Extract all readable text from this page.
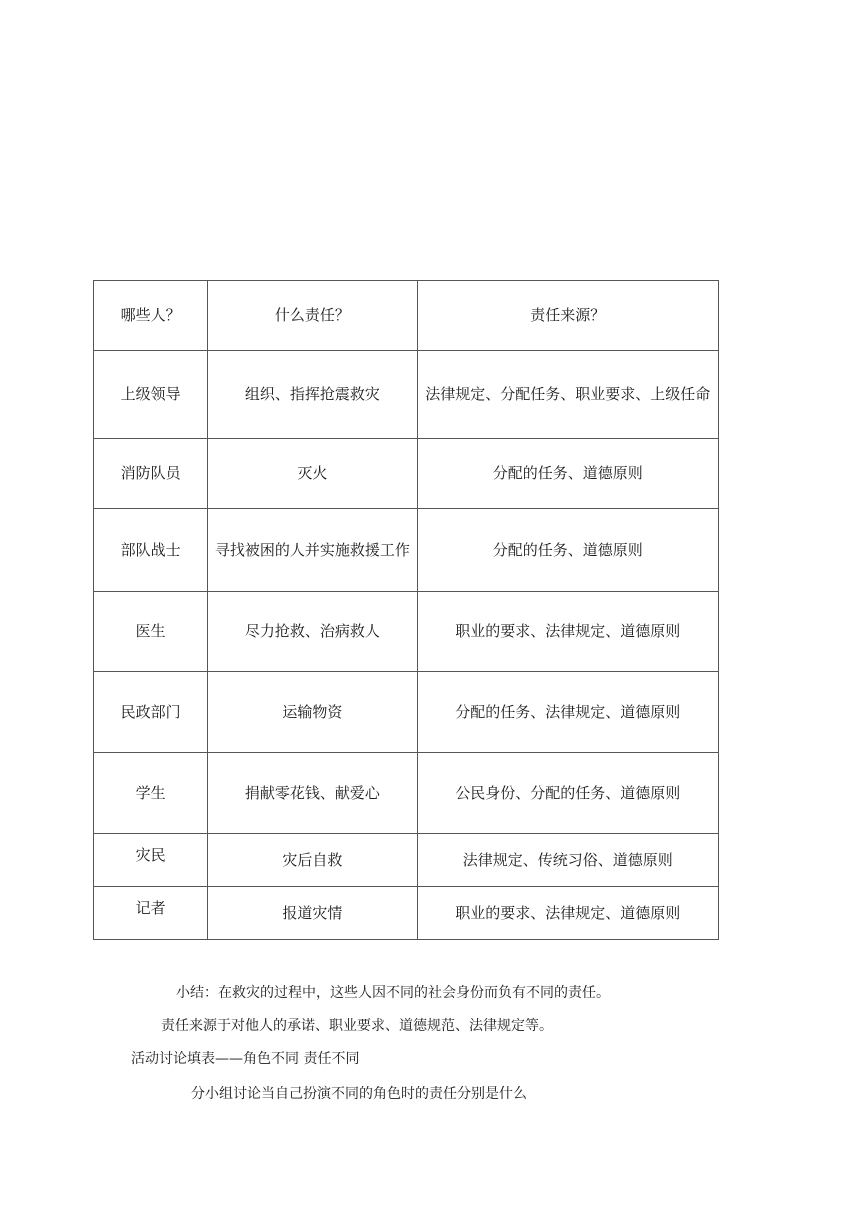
哪些人？	什么责任？	责任来源？
上级领导	组织、指挥抢震救灾	法律规定、分配任务、职业要求、上级任命
消防队员	灭火	分配的任务、道德原则
部队战士	寻找被困的人并实施救援工作	分配的任务、道德原则
医生	尽力抢救、治病救人	职业的要求、法律规定、道德原则
民政部门	运输物资	分配的任务、法律规定、道德原则
学生	捐献零花钱、献爱心	公民身份、分配的任务、道德原则
灾民	灾后自救	法律规定、传统习俗、道德原则
记者	报道灾情	职业的要求、法律规定、道德原则
小结：在救灾的过程中，这些人因不同的社会身份而负有不同的责任。
责任来源于对他人的承诺、职业要求、道德规范、法律规定等。
活动讨论填表——角色不同 责任不同
分小组讨论当自己扮演不同的角色时的责任分别是什么
